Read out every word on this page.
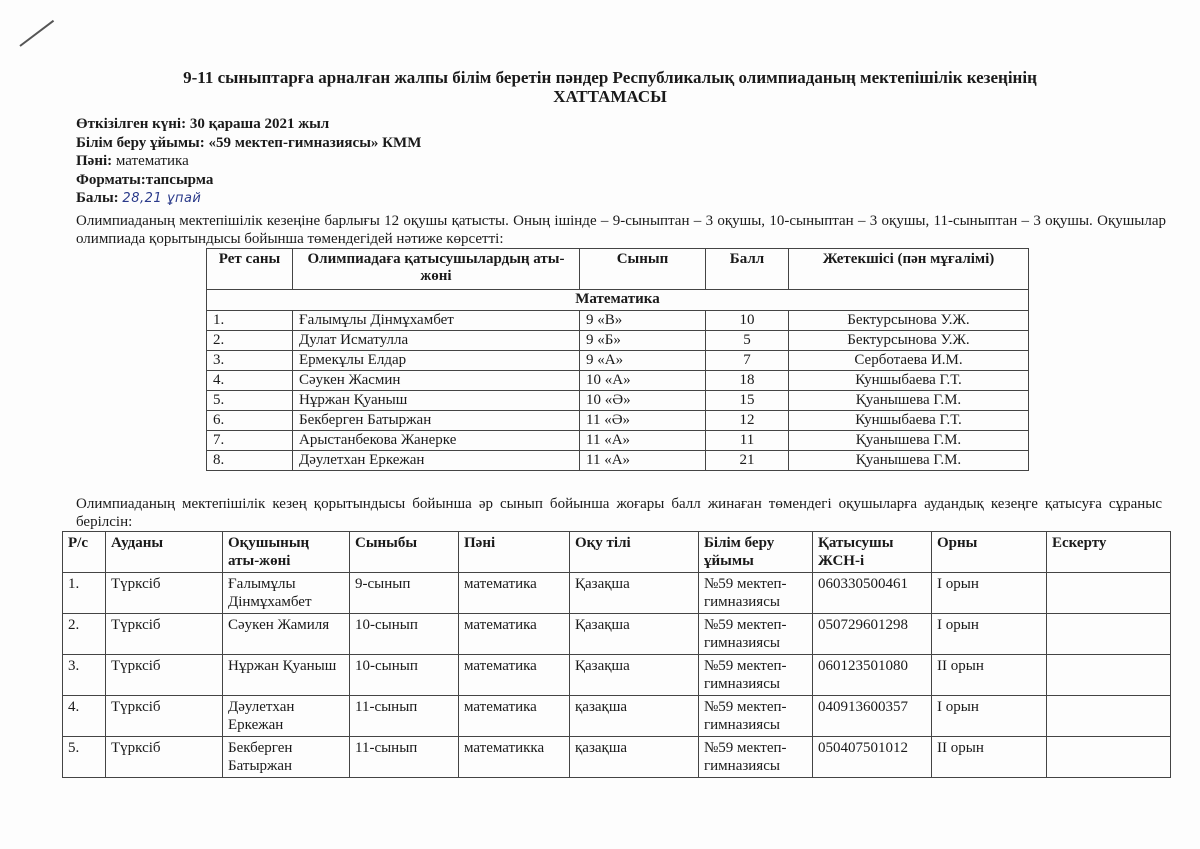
9-11 сыныптарға арналған жалпы білім беретін пәндер Республикалық олимпиаданың мектепішілік кезеңінің
ХАТТАМАСЫ
Өткізілген күні: 30 қараша 2021 жыл
Білім беру ұйымы: «59 мектеп-гимназиясы» КММ
Пәні: математика
Форматы:тапсырма
Балы: 28,21 ұпай
Олимпиаданың мектепішілік кезеңіне барлығы 12 оқушы қатысты. Оның ішінде – 9-сыныптан – 3 оқушы, 10-сыныптан – 3 оқушы, 11-сыныптан – 3 оқушы. Оқушылар олимпиада қорытындысы бойынша төмендегідей нәтиже көрсетті:
Рет саны	Олимпиадаға қатысушылардың аты-жөні	Сынып	Балл	Жетекшісі (пән мұғалімі)
Математика				
1.	Ғалымұлы Дінмұхамбет	9 «В»	10	Бектурсынова У.Ж.
2.	Дулат Исматулла	9 «Б»	5	Бектурсынова У.Ж.
3.	Ермекұлы Елдар	9 «А»	7	Серботаева И.М.
4.	Сәукен Жасмин	10 «А»	18	Куншыбаева Г.Т.
5.	Нұржан Қуаныш	10 «Ә»	15	Қуанышева Г.М.
6.	Бекберген Батыржан	11 «Ә»	12	Куншыбаева Г.Т.
7.	Арыстанбекова Жанерке	11 «А»	11	Қуанышева Г.М.
8.	Дәулетхан Еркежан	11 «А»	21	Қуанышева Г.М.
Олимпиаданың мектепішілік кезең қорытындысы бойынша әр сынып бойынша жоғары балл жинаған төмендегі оқушыларға аудандық кезеңге қатысуға сұраныс берілсін:
Р/с	Ауданы	Оқушының аты-жөні	Сыныбы	Пәні	Оқу тілі	Білім беру ұйымы	Қатысушы ЖСН-і	Орны	Ескерту
1.	Түрксіб	Ғалымұлы Дінмұхамбет	9-сынып	математика	Қазақша	№59 мектеп-гимназиясы	060330500461	I орын	
2.	Түрксіб	Сәукен Жамиля	10-сынып	математика	Қазақша	№59 мектеп-гимназиясы	050729601298	I орын	
3.	Түрксіб	Нұржан Қуаныш	10-сынып	математика	Қазақша	№59 мектеп-гимназиясы	060123501080	II орын	
4.	Түрксіб	Дәулетхан Еркежан	11-сынып	математика	қазақша	№59 мектеп-гимназиясы	040913600357	I орын	
5.	Түрксіб	Бекберген Батыржан	11-сынып	математикка	қазақша	№59 мектеп-гимназиясы	050407501012	II орын	
